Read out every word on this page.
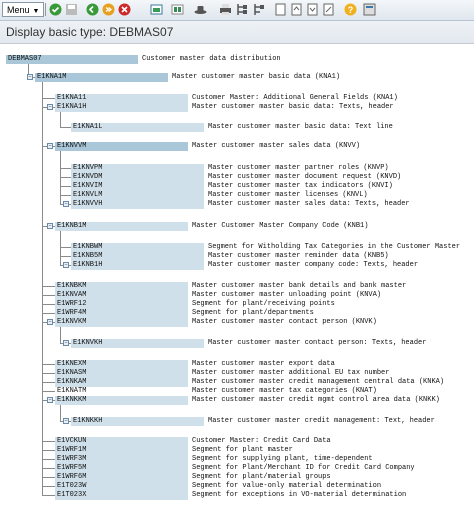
Menu ▼	?
Display basic type: DEBMAS07
DEBMAS07	Customer master data distribution
– E1KNA1M	Master customer master basic data (KNA1)
E1KNA11	Customer Master: Additional General Fields (KNA1)
– E1KNA1H	Master customer master basic data: Texts, header
E1KNA1L	Master customer master basic data: Text line
– E1KNVVM	Master customer master sales data (KNVV)
E1KNVPM	Master customer master partner roles (KNVP)
E1KNVDM	Master customer master document request (KNVD)
E1KNVIM	Master customer master tax indicators (KNVI)
E1KNVLM	Master customer master licenses (KNVL)
– E1KNVVH	Master customer master sales data: Texts, header
– E1KNB1M	Master Customer Master Company Code (KNB1)
E1KNBWM	Segment for Witholding Tax Categories in the Customer Master
E1KNB5M	Master customer master reminder data (KNB5)
– E1KNB1H	Master customer master company code: Texts, header
E1KNBKM	Master customer master bank details and bank master
E1KNVAM	Master customer master unloading point (KNVA)
E1WRF12	Segment for plant/receiving points
E1WRF4M	Segment for plant/departments
– E1KNVKM	Master customer master contact person (KNVK)
– E1KNVKH	Master customer master contact person: Texts, header
E1KNEXM	Master customer master export data
E1KNASM	Master customer master additional EU tax number
E1KNKAM	Master customer master credit management central data (KNKA)
E1KNATM	Master customer master tax categories (KNAT)
– E1KNKKM	Master customer master credit mgmt control area data (KNKK)
– E1KNKKH	Master customer master credit management: Text, header
E1VCKUN	Customer Master: Credit Card Data
E1WRF1M	Segment for plant master
E1WRF3M	Segment for supplying plant, time-dependent
E1WRF5M	Segment for Plant/Merchant ID for Credit Card Company
E1WRF6M	Segment for plant/material groups
E1T023W	Segment for value-only material determination
E1T023X	Segment for exceptions in VO-material determination
